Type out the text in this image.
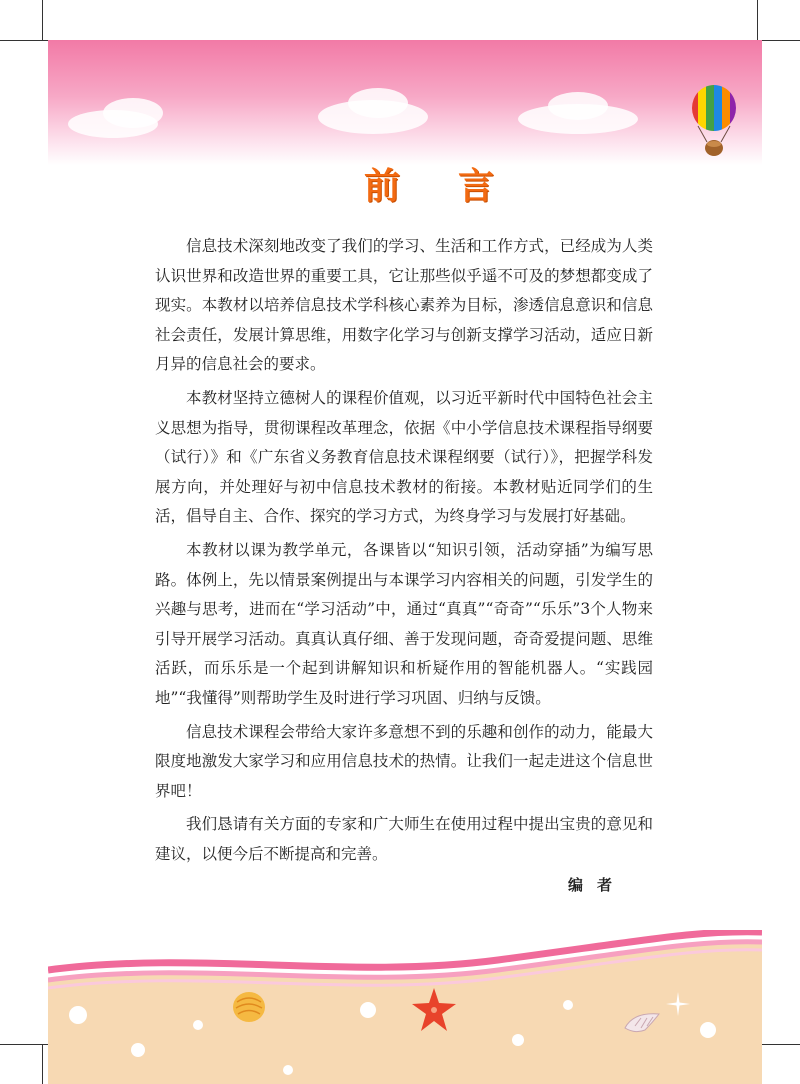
前言

信息技术深刻地改变了我们的学习、生活和工作方式，已经成为人类认识世界和改造世界的重要工具，它让那些似乎遥不可及的梦想都变成了现实。本教材以培养信息技术学科核心素养为目标，渗透信息意识和信息社会责任，发展计算思维，用数字化学习与创新支撑学习活动，适应日新月异的信息社会的要求。

本教材坚持立德树人的课程价值观，以习近平新时代中国特色社会主义思想为指导，贯彻课程改革理念，依据《中小学信息技术课程指导纲要（试行）》和《广东省义务教育信息技术课程纲要（试行）》，把握学科发展方向，并处理好与初中信息技术教材的衔接。本教材贴近同学们的生活，倡导自主、合作、探究的学习方式，为终身学习与发展打好基础。

本教材以课为教学单元，各课皆以“知识引领，活动穿插”为编写思路。体例上，先以情景案例提出与本课学习内容相关的问题，引发学生的兴趣与思考，进而在“学习活动”中，通过“真真”“奇奇”“乐乐”3个人物来引导开展学习活动。真真认真仔细、善于发现问题，奇奇爱提问题、思维活跃，而乐乐是一个起到讲解知识和析疑作用的智能机器人。“实践园地”“我懂得”则帮助学生及时进行学习巩固、归纳与反馈。

信息技术课程会带给大家许多意想不到的乐趣和创作的动力，能最大限度地激发大家学习和应用信息技术的热情。让我们一起走进这个信息世界吧！

我们恳请有关方面的专家和广大师生在使用过程中提出宝贵的意见和建议，以便今后不断提高和完善。

编者
